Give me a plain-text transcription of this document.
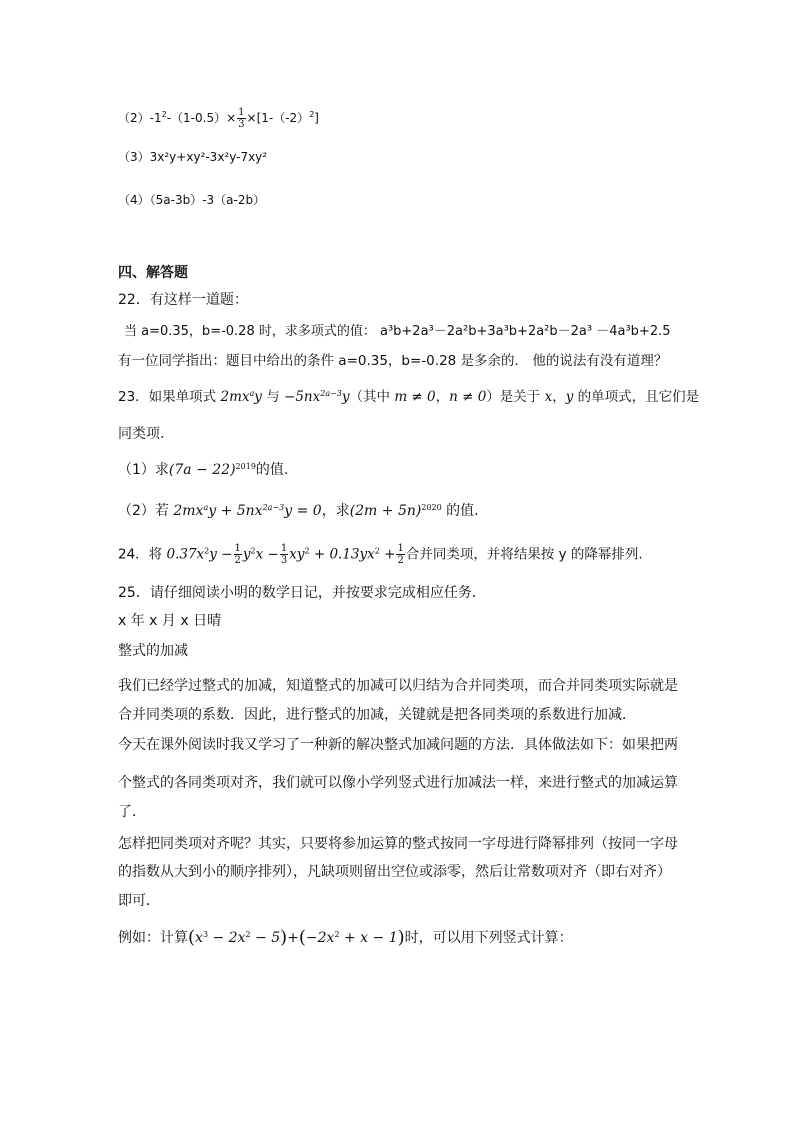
$(2)-1^2-(1-0.5)\times \frac{1}{3} \times[1-(-2)^2]$
（3）3x²y+xy²-3x²y-7xy²
（4）（5a-3b）-3（a-2b）
四、解答题
22．有这样一道题：
当 a=0.35，b=-0.28 时，求多项式的值： a³b+2a³－2a²b+3a³b+2a²b－2a³ －4a³b+2.5
有一位同学指出：题目中给出的条件 a=0.35，b=-0.28 是多余的． 他的说法有没有道理？
23．如果单项式 $2mx^ay$ 与 $-5nx^{2a-3}y$（其中 m ≠ 0，n ≠ 0）是关于 x，y 的单项式，且它们是
同类项.
（1）求$(7a - 22)^{2019}$的值.
（2）若 $2mx^ay + 5nx^{2a-3}y = 0$，求$(2m + 5n)^{2020}$ 的值.
24．将 $0.37x^2y - \frac{1}{2} y^2x - \frac{1}{3} xy^2 + 0.13yx^2 + \frac{1}{2}$ 合并同类项，并将结果按 y 的降幂排列.
25．请仔细阅读小明的数学日记，并按要求完成相应任务．
x 年 x 月 x 日晴
整式的加减
我们已经学过整式的加减，知道整式的加减可以归结为合并同类项，而合并同类项实际就是
合并同类项的系数．因此，进行整式的加减，关键就是把各同类项的系数进行加减．
今天在课外阅读时我又学习了一种新的解决整式加减问题的方法．具体做法如下：如果把两
个整式的各同类项对齐，我们就可以像小学列竖式进行加减法一样，来进行整式的加减运算
了．
怎样把同类项对齐呢？其实，只要将参加运算的整式按同一字母进行降幂排列（按同一字母
的指数从大到小的顺序排列），凡缺项则留出空位或添零，然后让常数项对齐（即右对齐）
即可．
例如：计算$(x^3 - 2x^2 - 5)+(-2x^2 + x - 1)$时，可以用下列竖式计算：
